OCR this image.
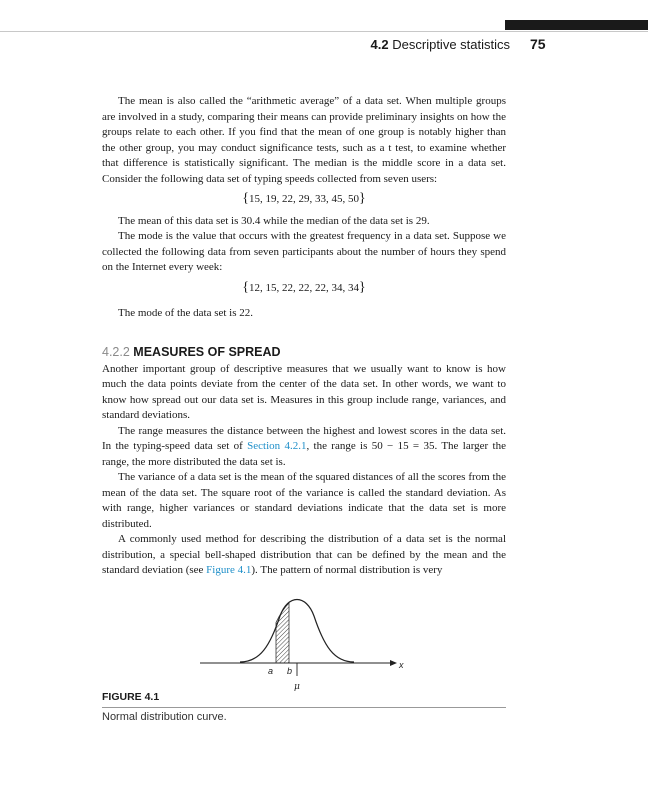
4.2 Descriptive statistics 75

The mean is also called the “arithmetic average” of a data set. When multiple groups are involved in a study, comparing their means can provide preliminary insights on how the groups relate to each other. If you find that the mean of one group is notably higher than the other group, you may conduct significance tests, such as a t test, to examine whether that difference is statistically significant. The median is the middle score in a data set. Consider the following data set of typing speeds collected from seven users:

{15, 19, 22, 29, 33, 45, 50}

The mean of this data set is 30.4 while the median of the data set is 29.

The mode is the value that occurs with the greatest frequency in a data set. Suppose we collected the following data from seven participants about the number of hours they spend on the Internet every week:

{12, 15, 22, 22, 22, 34, 34}

The mode of the data set is 22.

4.2.2 MEASURES OF SPREAD

Another important group of descriptive measures that we usually want to know is how much the data points deviate from the center of the data set. In other words, we want to know how spread out our data set is. Measures in this group include range, variances, and standard deviations.

The range measures the distance between the highest and lowest scores in the data set. In the typing-speed data set of Section 4.2.1, the range is 50 − 15 = 35. The larger the range, the more distributed the data set is.

The variance of a data set is the mean of the squared distances of all the scores from the mean of the data set. The square root of the variance is called the standard deviation. As with range, higher variances or standard deviations indicate that the data set is more distributed.

A commonly used method for describing the distribution of a data set is the normal distribution, a special bell-shaped distribution that can be defined by the mean and the standard deviation (see Figure 4.1). The pattern of normal distribution is very

a b
μ
x
FIGURE 4.1
Normal distribution curve.
